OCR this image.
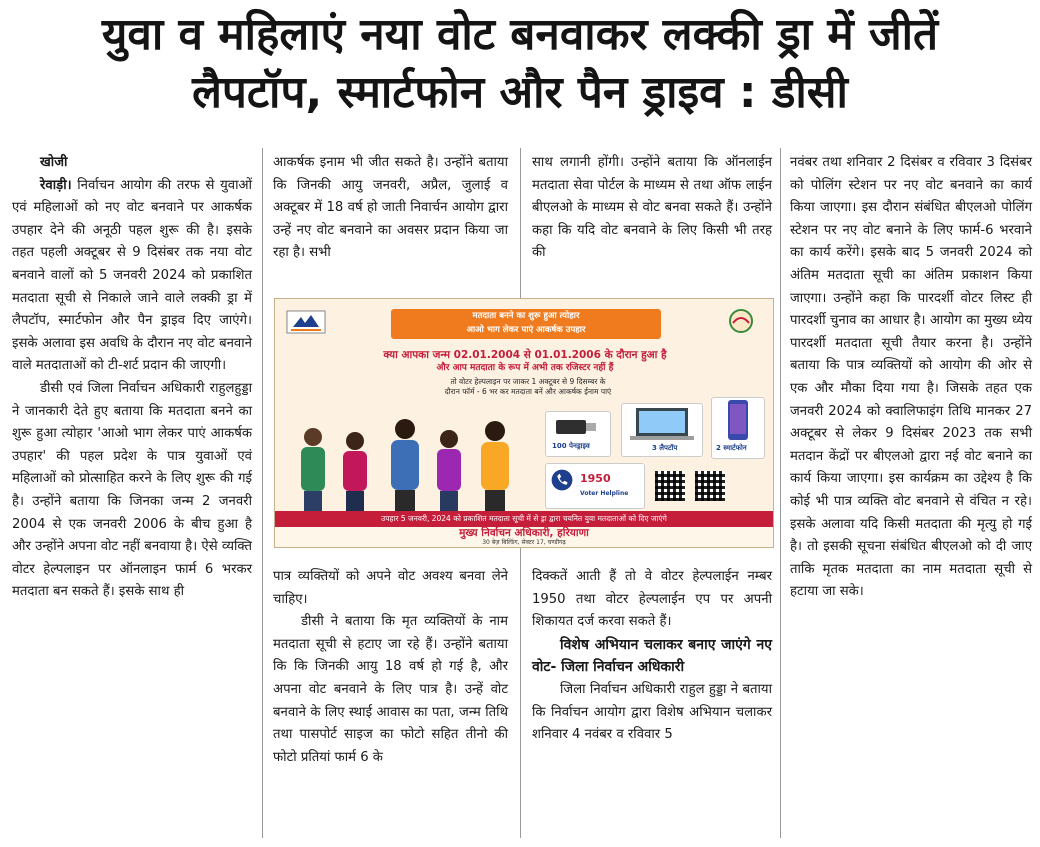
युवा व महिलाएं नया वोट बनवाकर लक्की ड्रा में जीतें
लैपटॉप, स्मार्टफोन और पैन ड्राइव : डीसी

खोजी

रेवाड़ी। निर्वाचन आयोग की तरफ से युवाओं एवं महिलाओं को नए वोट बनवाने पर आकर्षक उपहार देने की अनूठी पहल शुरू की है। इसके तहत पहली अक्टूबर से 9 दिसंबर तक नया वोट बनवाने वालों को 5 जनवरी 2024 को प्रकाशित मतदाता सूची से निकाले जाने वाले लक्की ड्रा में लैपटॉप, स्मार्टफोन और पैन ड्राइव दिए जाएंगे। इसके अलावा इस अवधि के दौरान नए वोट बनवाने वाले मतदाताओं को टी-शर्ट प्रदान की जाएगी।

डीसी एवं जिला निर्वाचन अधिकारी राहुलहुड्डा ने जानकारी देते हुए बताया कि मतदाता बनने का शुरू हुआ त्योहार 'आओ भाग लेकर पाएं आकर्षक उपहार' की पहल प्रदेश के पात्र युवाओं एवं महिलाओं को प्रोत्साहित करने के लिए शुरू की गई है। उन्होंने बताया कि जिनका जन्म 2 जनवरी 2004 से एक जनवरी 2006 के बीच हुआ है और उन्होंने अपना वोट नहीं बनवाया है। ऐसे व्यक्ति वोटर हेल्पलाइन पर ऑनलाइन फार्म 6 भरकर मतदाता बन सकते हैं। इसके साथ ही

आकर्षक इनाम भी जीत सकते है। उन्होंने बताया कि जिनकी आयु जनवरी, अप्रैल, जुलाई व अक्टूबर में 18 वर्ष हो जाती निवार्चन आयोग द्वारा उन्हें नए वोट बनवाने का अवसर प्रदान किया जा रहा है। सभी

पात्र व्यक्तियों को अपने वोट अवश्य बनवा लेने चाहिए।

डीसी ने बताया कि मृत व्यक्तियों के नाम मतदाता सूची से हटाए जा रहे हैं। उन्होंने बताया कि कि जिनकी आयु 18 वर्ष हो गई है, और अपना वोट बनवाने के लिए पात्र है। उन्हें वोट बनवाने के लिए स्थाई आवास का पता, जन्म तिथि तथा पासपोर्ट साइज का फोटो सहित तीनो की फोटो प्रतियां फार्म 6 के

साथ लगानी होंगी। उन्होंने बताया कि ऑनलाईन मतदाता सेवा पोर्टल के माध्यम से तथा ऑफ लाईन बीएलओ के माध्यम से वोट बनवा सकते हैं। उन्होंने कहा कि यदि वोट बनवाने के लिए किसी भी तरह की

दिक्कतें आती हैं तो वे वोटर हेल्पलाईन नम्बर 1950 तथा वोटर हेल्पलाईन एप पर अपनी शिकायत दर्ज करवा सकते हैं।

विशेष अभियान चलाकर बनाए जाएंगे नए वोट- जिला निर्वाचन अधिकारी

जिला निर्वाचन अधिकारी राहुल हुड्डा ने बताया कि निर्वाचन आयोग द्वारा विशेष अभियान चलाकर शनिवार 4 नवंबर व रविवार 5

नवंबर तथा शनिवार 2 दिसंबर व रविवार 3 दिसंबर को पोलिंग स्टेशन पर नए वोट बनवाने का कार्य किया जाएगा। इस दौरान संबंधित बीएलओ पोलिंग स्टेशन पर नए वोट बनाने के लिए फार्म-6 भरवाने का कार्य करेंगे। इसके बाद 5 जनवरी 2024 को अंतिम मतदाता सूची का अंतिम प्रकाशन किया जाएगा। उन्होंने कहा कि पारदर्शी वोटर लिस्ट ही पारदर्शी चुनाव का आधार है। आयोग का मुख्य ध्येय पारदर्शी मतदाता सूची तैयार करना है। उन्होंने बताया कि पात्र व्यक्तियों को आयोग की ओर से एक और मौका दिया गया है। जिसके तहत एक जनवरी 2024 को क्वालिफाइंग तिथि मानकर 27 अक्टूबर से लेकर 9 दिसंबर 2023 तक सभी मतदान केंद्रों पर बीएलओ द्वारा नई वोट बनाने का कार्य किया जाएगा। इस कार्यक्रम का उद्देश्य है कि कोई भी पात्र व्यक्ति वोट बनवाने से वंचित न रहे। इसके अलावा यदि किसी मतदाता की मृत्यु हो गई है। तो इसकी सूचना संबंधित बीएलओ को दी जाए ताकि मृतक मतदाता का नाम मतदाता सूची से हटाया जा सके।

मतदाता बनने का शुरू हुआ त्योहार
आओ भाग लेकर पाएं आकर्षक उपहार
क्या आपका जन्म 02.01.2004 से 01.01.2006 के दौरान हुआ है
और आप मतदाता के रूप में अभी तक रजिस्टर नहीं हैं
तो वोटर हेल्पलाइन पर जाकर 1 अक्टूबर से 9 दिसम्बर के
दौरान फॉर्म - 6 भर कर मतदाता बनें और आकर्षक ईनाम पाएं
100 पेनड्राइव	3 लैपटॉप	2 स्मार्टफोन
1950
Voter Helpline
उपहार 5 जनवरी, 2024 को प्रकाशित मतदाता सूची में से ड्रा द्वारा चयनित युवा मतदाताओं को दिए जाएंगे
मुख्य निर्वाचन अधिकारी, हरियाणा
30 बेज़ बिल्डिंग, सेक्टर 17, चण्डीगढ़
